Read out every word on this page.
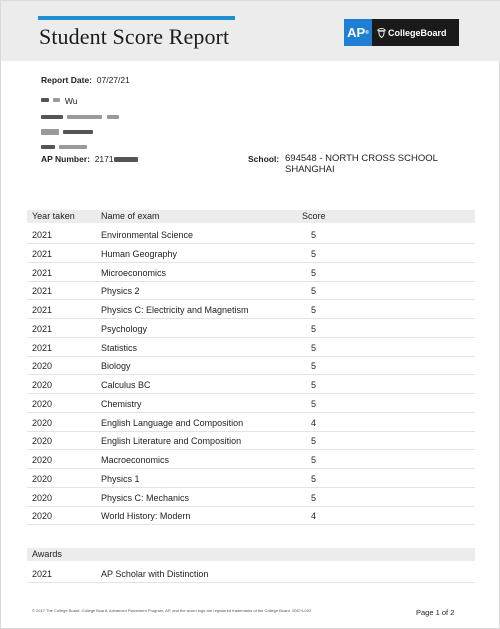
Student Score Report	AP ® CollegeBoard
Report Date: 07/27/21
Wu

AP Number: 2171	School: 694548 - NORTH CROSS SCHOOL
SHANGHAI
Year taken	Name of exam	Score
2021	Environmental Science	5
2021	Human Geography	5
2021	Microeconomics	5
2021	Physics 2	5
2021	Physics C: Electricity and Magnetism	5
2021	Psychology	5
2021	Statistics	5
2020	Biology	5
2020	Calculus BC	5
2020	Chemistry	5
2020	English Language and Composition	4
2020	English Literature and Composition	5
2020	Macroeconomics	5
2020	Physics 1	5
2020	Physics C: Mechanics	5
2020	World History: Modern	4
Awards
2021	AP Scholar with Distinction
© 2017 The College Board. College Board, Advanced Placement Program, AP, and the acorn logo are registered trademarks of the College Board. 00674-002	Page 1 of 2
